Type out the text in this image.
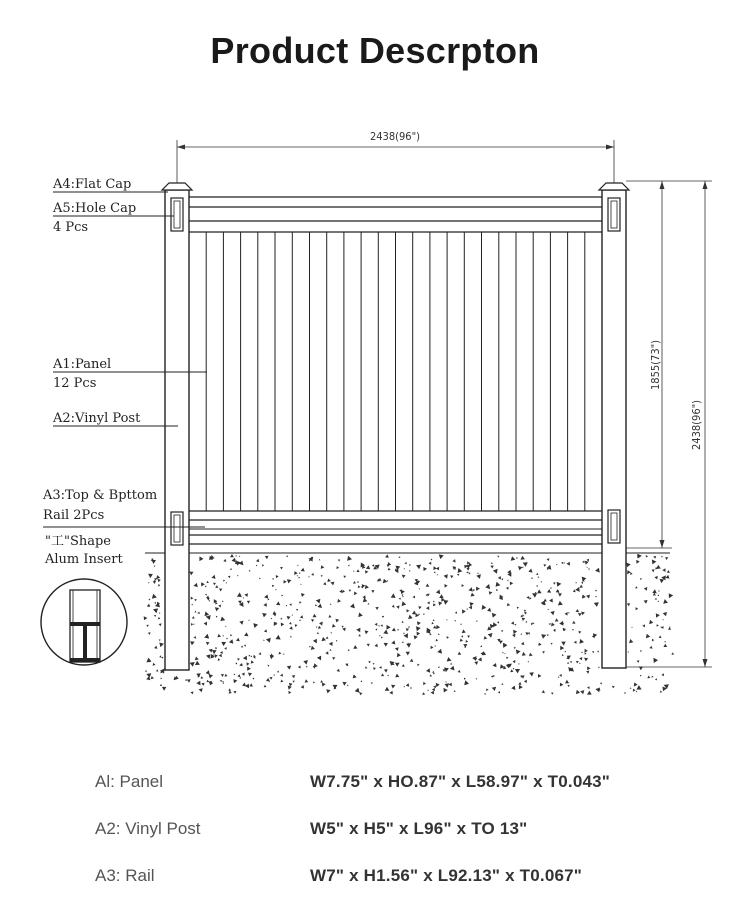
Product Descrpton
2438(96")
1855(73")
2438(96")
A4:Flat Cap
A5:Hole Cap
4 Pcs
A1:Panel
12 Pcs
A2:Vinyl Post
A3:Top & Bpttom
Rail 2Pcs
"工"Shape
Alum Insert
Al: Panel	W7.75" x HO.87" x L58.97" x T0.043"
A2: Vinyl Post	W5" x H5" x L96" x TO 13"
A3: Rail	W7" x H1.56" x L92.13" x T0.067"
